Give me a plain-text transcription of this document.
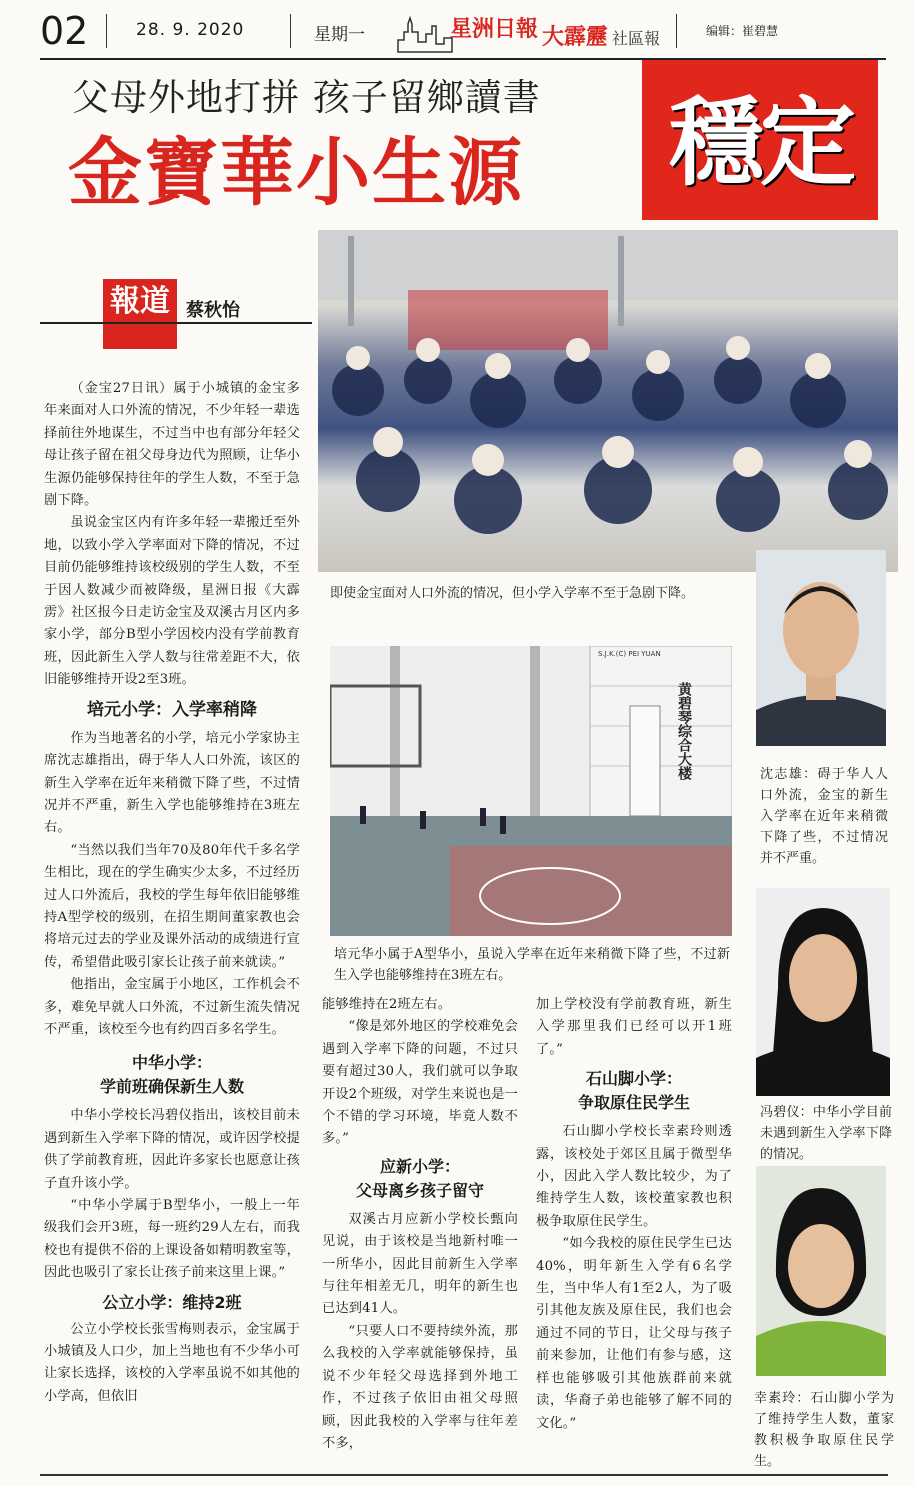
02	28. 9. 2020	星期一	星洲日報 大霹靂 社區報	编辑：崔碧慧
父母外地打拼 孩子留鄉讀書
金寶華小生源	穩定
報道 蔡秋怡

即使金宝面对人口外流的情况，但小学入学率不至于急剧下降。

S.J.K.(C) PEI YUAN
黄碧琴综合大楼

培元华小属于A型华小，虽说入学率在近年来稍微下降了些，不过新生入学也能够维持在3班左右。

沈志雄：碍于华人人口外流，金宝的新生入学率在近年来稍微下降了些，不过情况并不严重。

冯碧仪：中华小学目前未遇到新生入学率下降的情况。

幸素玲：石山脚小学为了维持学生人数，董家教积极争取原住民学生。

（金宝27日讯）属于小城镇的金宝多年来面对人口外流的情况，不少年轻一辈选择前往外地谋生，不过当中也有部分年轻父母让孩子留在祖父母身边代为照顾，让华小生源仍能够保持往年的学生人数，不至于急剧下降。

虽说金宝区内有许多年轻一辈搬迁至外地，以致小学入学率面对下降的情况，不过目前仍能够维持该校级别的学生人数，不至于因人数减少而被降级，星洲日报《大霹雳》社区报今日走访金宝及双溪古月区内多家小学，部分B型小学因校内没有学前教育班，因此新生入学人数与往常差距不大，依旧能够维持开设2至3班。

培元小学：入学率稍降

作为当地著名的小学，培元小学家协主席沈志雄指出，碍于华人人口外流，该区的新生入学率在近年来稍微下降了些，不过情况并不严重，新生入学也能够维持在3班左右。

“当然以我们当年70及80年代千多名学生相比，现在的学生确实少太多，不过经历过人口外流后，我校的学生每年依旧能够维持A型学校的级别，在招生期间董家教也会将培元过去的学业及课外活动的成绩进行宣传，希望借此吸引家长让孩子前来就读。”

他指出，金宝属于小地区，工作机会不多，难免早就人口外流，不过新生流失情况不严重，该校至今也有约四百多名学生。

中华小学：
学前班确保新生人数

中华小学校长冯碧仪指出，该校目前未遇到新生入学率下降的情况，或许因学校提供了学前教育班，因此许多家长也愿意让孩子直升该小学。

“中华小学属于B型华小，一般上一年级我们会开3班，每一班约29人左右，而我校也有提供不俗的上课设备如精明教室等，因此也吸引了家长让孩子前来这里上课。”

公立小学：维持2班

公立小学校长张雪梅则表示，金宝属于小城镇及人口少，加上当地也有不少华小可让家长选择，该校的入学率虽说不如其他的小学高，但依旧

能够维持在2班左右。

“像是郊外地区的学校难免会遇到入学率下降的问题，不过只要有超过30人，我们就可以争取开设2个班级，对学生来说也是一个不错的学习环境，毕竟人数不多。”

应新小学：
父母离乡孩子留守

双溪古月应新小学校长甄向见说，由于该校是当地新村唯一一所华小，因此目前新生入学率与往年相差无几，明年的新生也已达到41人。

“只要人口不要持续外流，那么我校的入学率就能够保持，虽说不少年轻父母选择到外地工作，不过孩子依旧由祖父母照顾，因此我校的入学率与往年差不多，

加上学校没有学前教育班，新生入学那里我们已经可以开1班了。”

石山脚小学：
争取原住民学生

石山脚小学校长幸素玲则透露，该校处于郊区且属于微型华小，因此入学人数比较少，为了维持学生人数，该校董家教也积极争取原住民学生。

“如今我校的原住民学生已达40%，明年新生入学有6名学生，当中华人有1至2人，为了吸引其他友族及原住民，我们也会通过不同的节日，让父母与孩子前来参加，让他们有参与感，这样也能够吸引其他族群前来就读，华裔子弟也能够了解不同的文化。”
